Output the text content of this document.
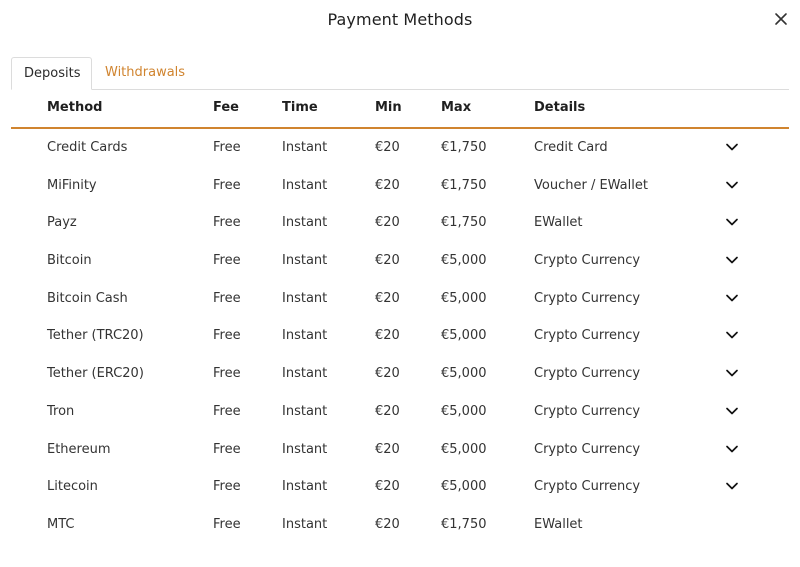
Payment Methods
Deposits	Withdrawals
Method	Fee	Time	Min	Max	Details
Credit Cards	Free	Instant	€20	€1,750	Credit Card
MiFinity	Free	Instant	€20	€1,750	Voucher / EWallet
Payz	Free	Instant	€20	€1,750	EWallet
Bitcoin	Free	Instant	€20	€5,000	Crypto Currency
Bitcoin Cash	Free	Instant	€20	€5,000	Crypto Currency
Tether (TRC20)	Free	Instant	€20	€5,000	Crypto Currency
Tether (ERC20)	Free	Instant	€20	€5,000	Crypto Currency
Tron	Free	Instant	€20	€5,000	Crypto Currency
Ethereum	Free	Instant	€20	€5,000	Crypto Currency
Litecoin	Free	Instant	€20	€5,000	Crypto Currency
MTC	Free	Instant	€20	€1,750	EWallet
